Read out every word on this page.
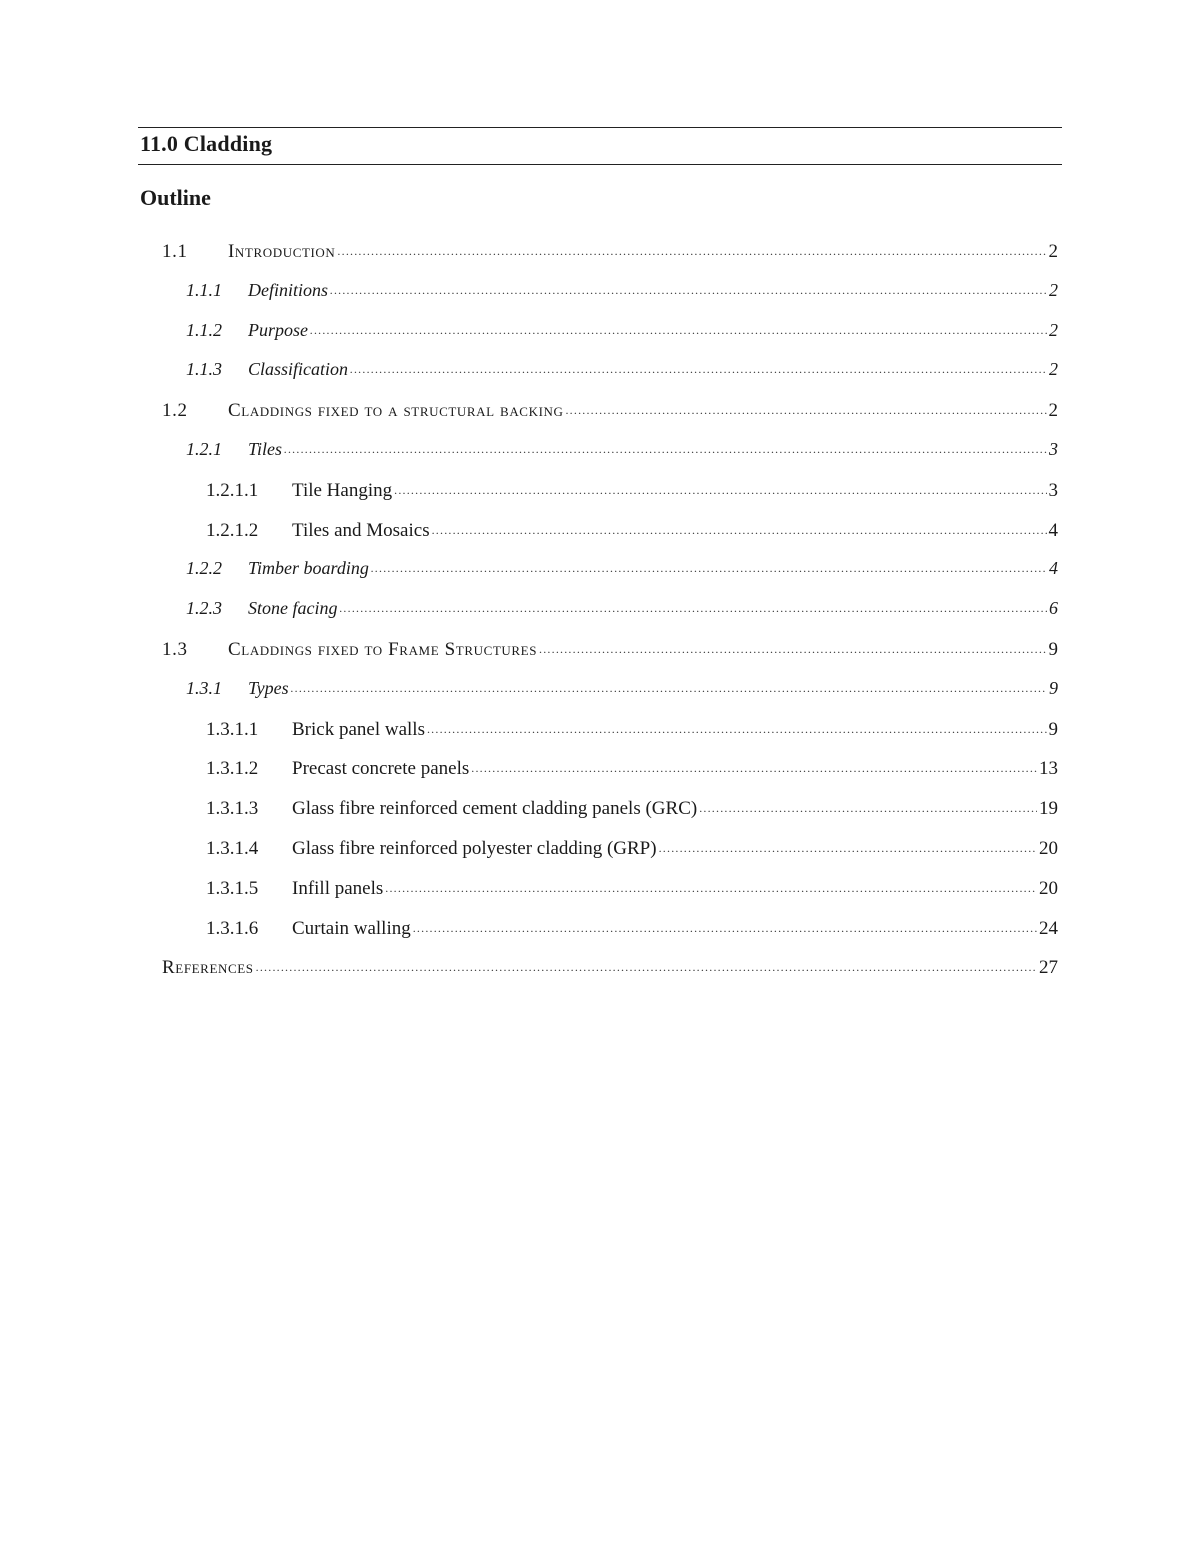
11.0 Cladding
Outline
1.1	Introduction .....	2
1.1.1	Definitions .....	2
1.1.2	Purpose .....	2
1.1.3	Classification .....	2
1.2	Claddings fixed to a structural backing .....	2
1.2.1	Tiles .....	3
1.2.1.1	Tile Hanging .....	3
1.2.1.2	Tiles and Mosaics .....	4
1.2.2	Timber boarding .....	4
1.2.3	Stone facing .....	6
1.3	Claddings fixed to Frame Structures .....	9
1.3.1	Types .....	9
1.3.1.1	Brick panel walls .....	9
1.3.1.2	Precast concrete panels .....	13
1.3.1.3	Glass fibre reinforced cement cladding panels (GRC) .....	19
1.3.1.4	Glass fibre reinforced polyester cladding (GRP) .....	20
1.3.1.5	Infill panels .....	20
1.3.1.6	Curtain walling .....	24
References .....	27
